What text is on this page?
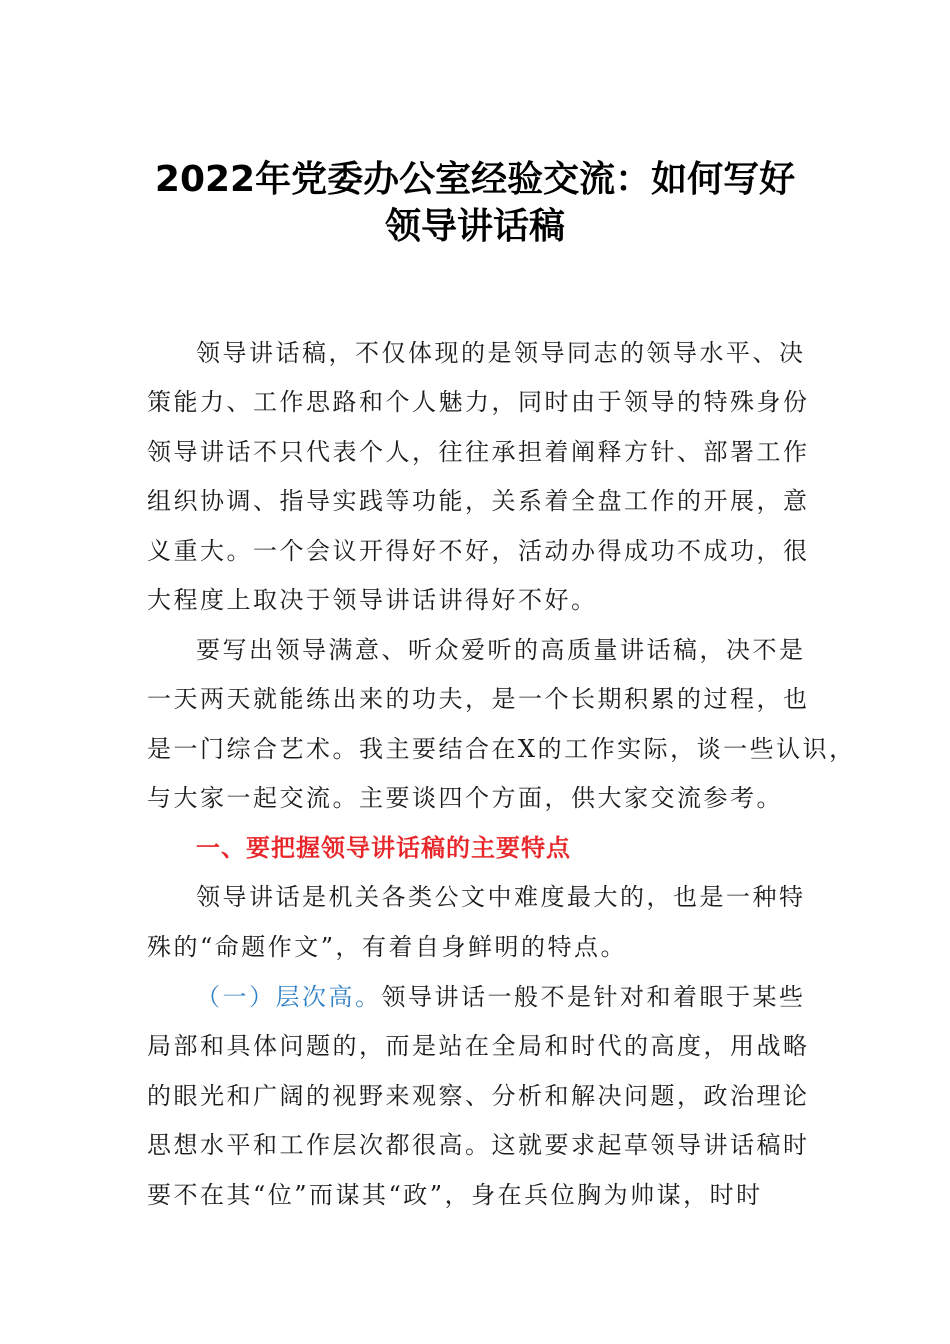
2022年党委办公室经验交流：如何写好
领导讲话稿
领导讲话稿，不仅体现的是领导同志的领导水平、决
策能力、工作思路和个人魅力，同时由于领导的特殊身份
领导讲话不只代表个人，往往承担着阐释方针、部署工作
组织协调、指导实践等功能，关系着全盘工作的开展，意
义重大。一个会议开得好不好，活动办得成功不成功，很
大程度上取决于领导讲话讲得好不好。
要写出领导满意、听众爱听的高质量讲话稿，决不是
一天两天就能练出来的功夫，是一个长期积累的过程，也
是一门综合艺术。我主要结合在X的工作实际，谈一些认识，
与大家一起交流。主要谈四个方面，供大家交流参考。
一、要把握领导讲话稿的主要特点
领导讲话是机关各类公文中难度最大的，也是一种特
殊的“命题作文”，有着自身鲜明的特点。
（一）层次高。领导讲话一般不是针对和着眼于某些
局部和具体问题的，而是站在全局和时代的高度，用战略
的眼光和广阔的视野来观察、分析和解决问题，政治理论
思想水平和工作层次都很高。这就要求起草领导讲话稿时
要不在其“位”而谋其“政”，身在兵位胸为帅谋，时时
